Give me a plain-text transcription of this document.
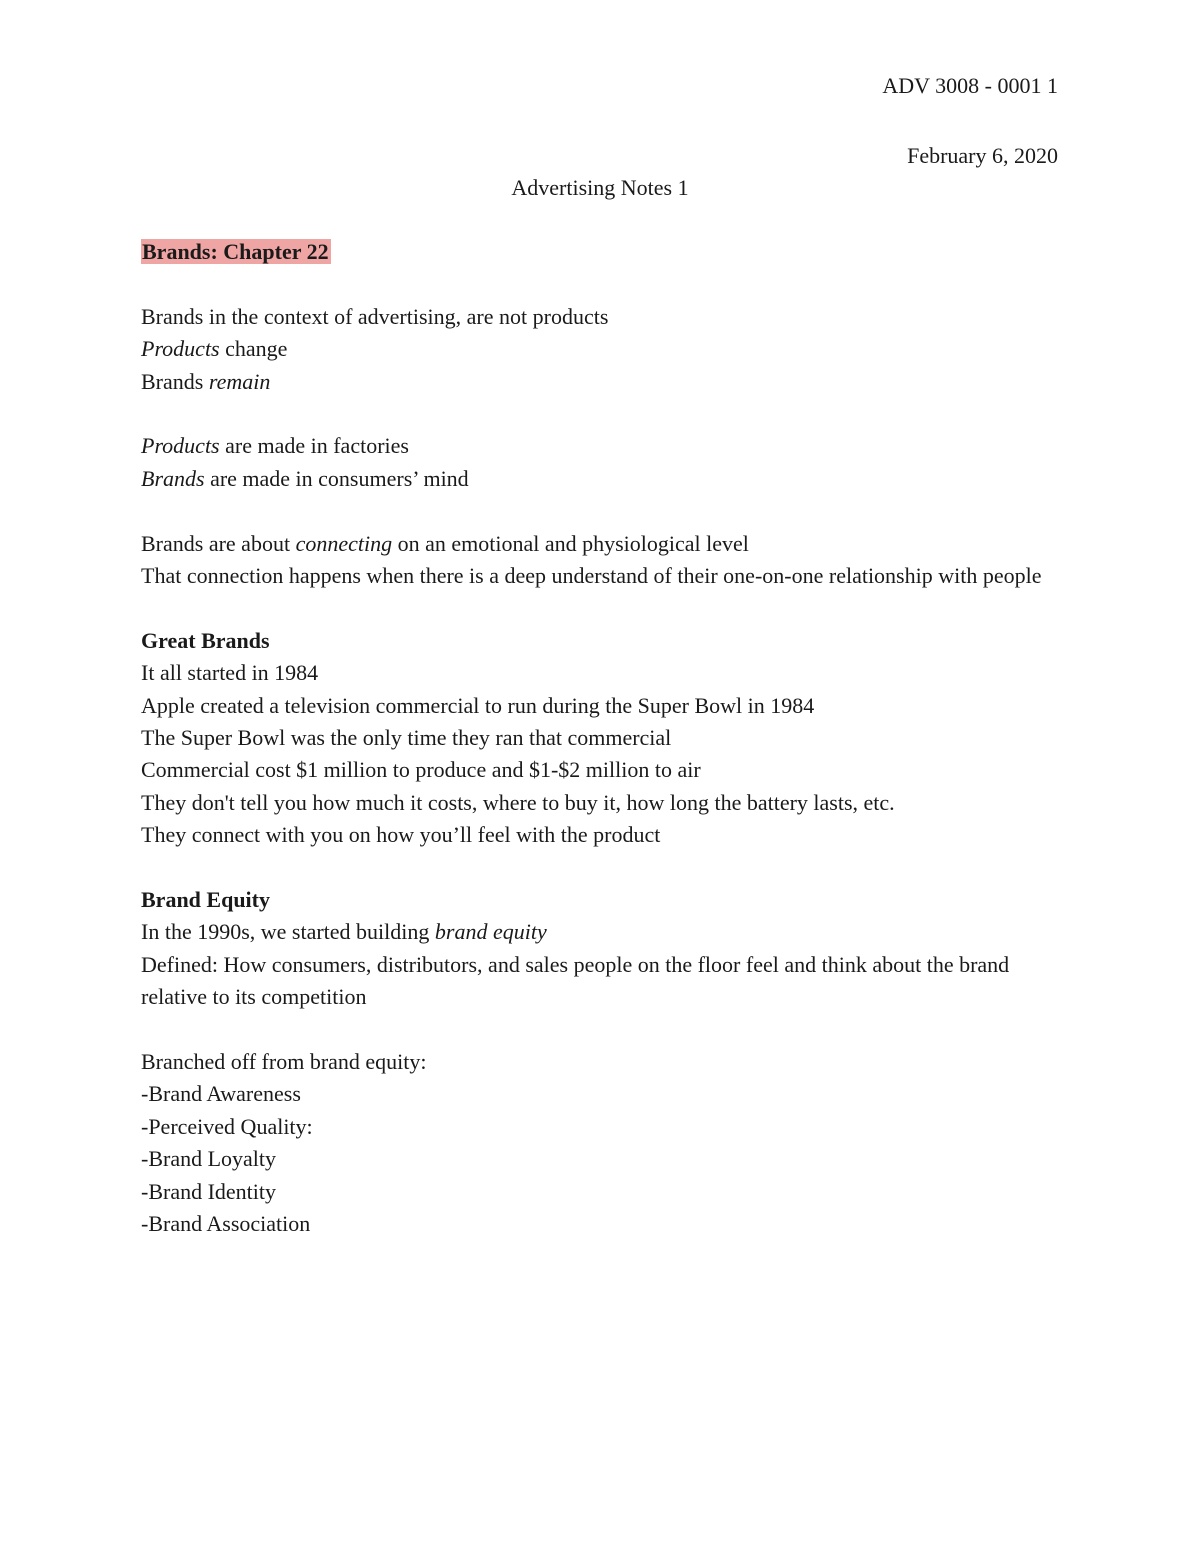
ADV 3008 - 0001 1
February 6, 2020
Advertising Notes 1

Brands: Chapter 22

Brands in the context of advertising, are not products

Products change

Brands remain

Products are made in factories

Brands are made in consumers’ mind

Brands are about connecting on an emotional and physiological level

That connection happens when there is a deep understand of their one-on-one relationship with people

Great Brands

It all started in 1984

Apple created a television commercial to run during the Super Bowl in 1984

The Super Bowl was the only time they ran that commercial

Commercial cost $1 million to produce and $1-$2 million to air

They don't tell you how much it costs, where to buy it, how long the battery lasts, etc.

They connect with you on how you’ll feel with the product

Brand Equity

In the 1990s, we started building brand equity

Defined: How consumers, distributors, and sales people on the floor feel and think about the brand relative to its competition

Branched off from brand equity:

-Brand Awareness

-Perceived Quality:

-Brand Loyalty

-Brand Identity

-Brand Association
